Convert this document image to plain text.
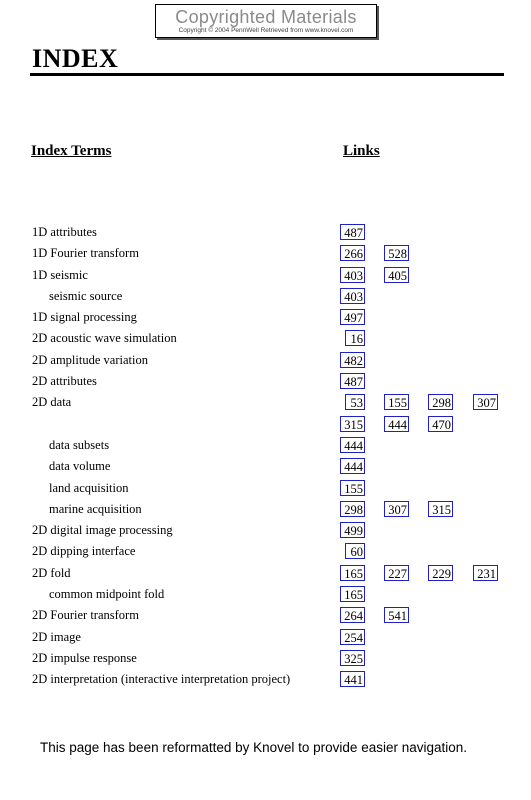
Copyrighted Materials
Copyright © 2004 PennWell Retrieved from www.knovel.com
INDEX
Index Terms	Links
1D attributes	487
1D Fourier transform	266	528
1D seismic	403	405
seismic source	403
1D signal processing	497
2D acoustic wave simulation	16
2D amplitude variation	482
2D attributes	487
2D data	53	155	298	307
315	444	470
data subsets	444
data volume	444
land acquisition	155
marine acquisition	298	307	315
2D digital image processing	499
2D dipping interface	60
2D fold	165	227	229	231
common midpoint fold	165
2D Fourier transform	264	541
2D image	254
2D impulse response	325
2D interpretation (interactive interpretation project)	441
This page has been reformatted by Knovel to provide easier navigation.
